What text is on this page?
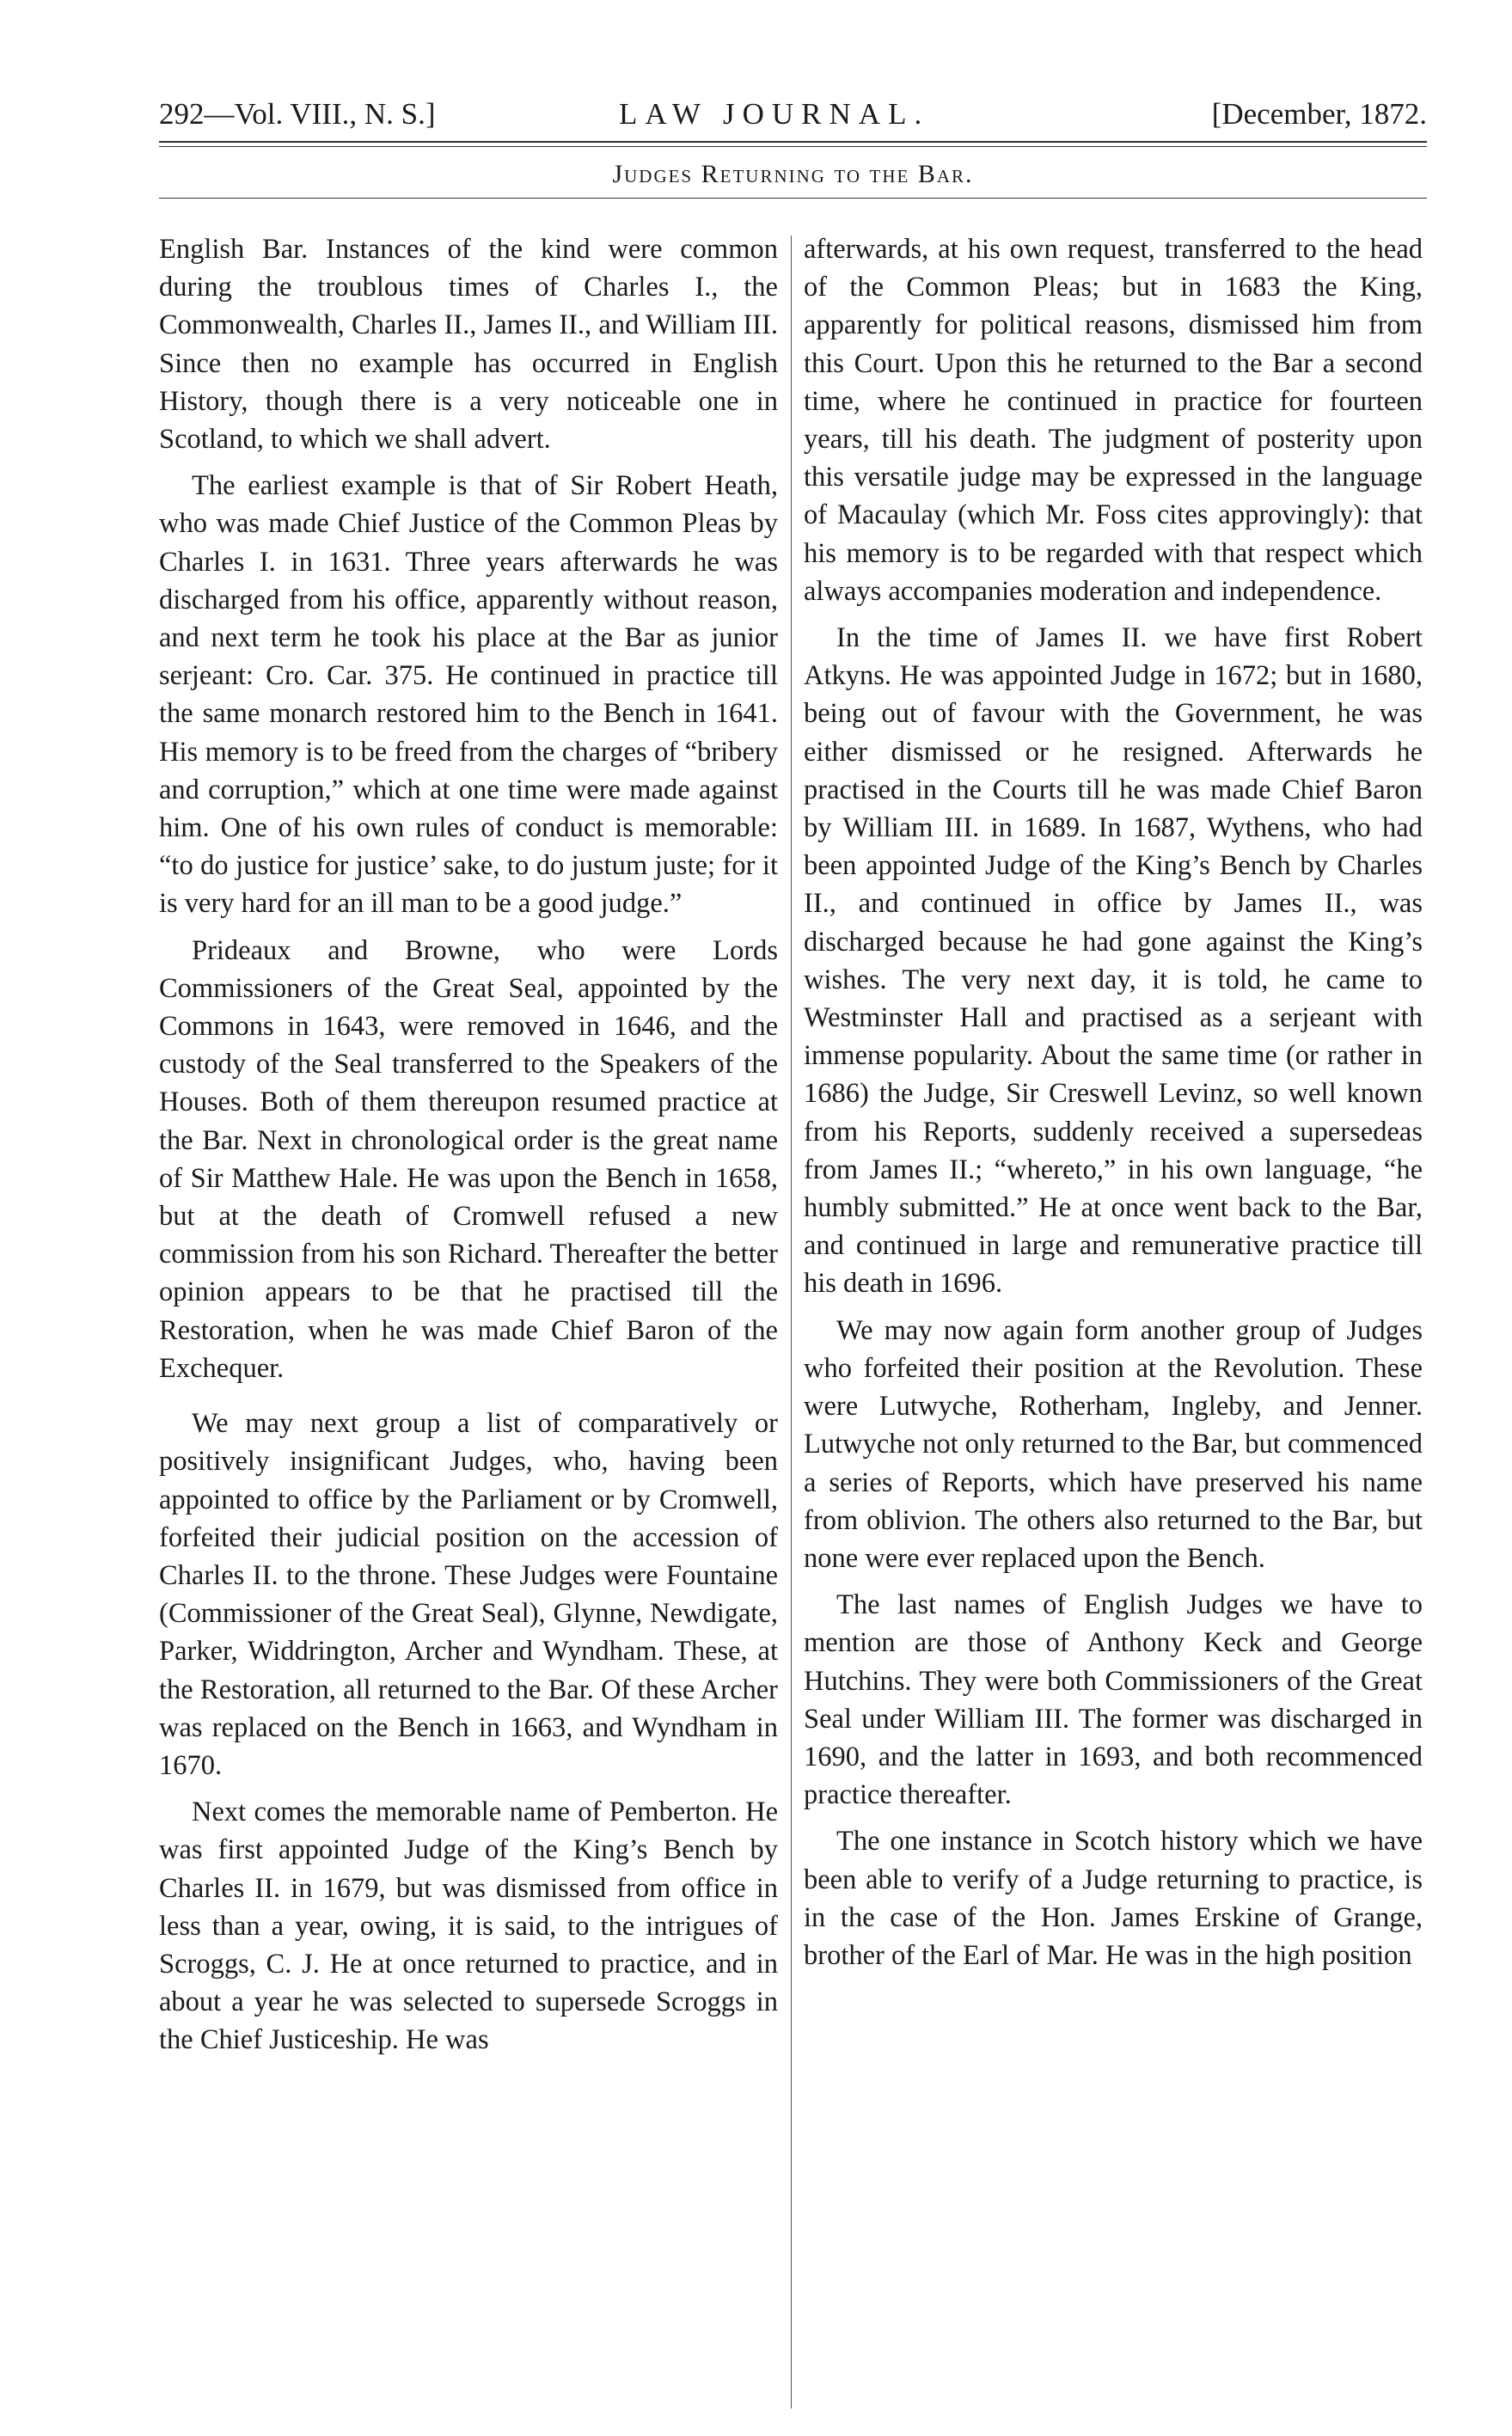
292—Vol. VIII., N. S.]	LAW JOURNAL.	[December, 1872.
Judges Returning to the Bar.

English Bar. Instances of the kind were common during the troublous times of Charles I., the Commonwealth, Charles II., James II., and William III. Since then no example has occurred in English History, though there is a very noticeable one in Scotland, to which we shall advert.

The earliest example is that of Sir Robert Heath, who was made Chief Justice of the Common Pleas by Charles I. in 1631. Three years afterwards he was discharged from his office, apparently without reason, and next term he took his place at the Bar as junior serjeant: Cro. Car. 375. He continued in practice till the same monarch restored him to the Bench in 1641. His memory is to be freed from the charges of “bribery and corruption,” which at one time were made against him. One of his own rules of conduct is memorable: “to do justice for justice’ sake, to do justum juste; for it is very hard for an ill man to be a good judge.”

Prideaux and Browne, who were Lords Commissioners of the Great Seal, appointed by the Commons in 1643, were removed in 1646, and the custody of the Seal transferred to the Speakers of the Houses. Both of them thereupon resumed practice at the Bar. Next in chronological order is the great name of Sir Matthew Hale. He was upon the Bench in 1658, but at the death of Cromwell refused a new commission from his son Richard. Thereafter the better opinion appears to be that he practised till the Restoration, when he was made Chief Baron of the Exchequer.

We may next group a list of comparatively or positively insignificant Judges, who, having been appointed to office by the Parliament or by Cromwell, forfeited their judicial position on the accession of Charles II. to the throne. These Judges were Fountaine (Commissioner of the Great Seal), Glynne, Newdigate, Parker, Widdrington, Archer and Wyndham. These, at the Restoration, all returned to the Bar. Of these Archer was replaced on the Bench in 1663, and Wyndham in 1670.

Next comes the memorable name of Pemberton. He was first appointed Judge of the King’s Bench by Charles II. in 1679, but was dismissed from office in less than a year, owing, it is said, to the intrigues of Scroggs, C. J. He at once returned to practice, and in about a year he was selected to supersede Scroggs in the Chief Justiceship. He was

afterwards, at his own request, transferred to the head of the Common Pleas; but in 1683 the King, apparently for political reasons, dismissed him from this Court. Upon this he returned to the Bar a second time, where he continued in practice for fourteen years, till his death. The judgment of posterity upon this versatile judge may be expressed in the language of Macaulay (which Mr. Foss cites approvingly): that his memory is to be regarded with that respect which always accompanies moderation and independence.

In the time of James II. we have first Robert Atkyns. He was appointed Judge in 1672; but in 1680, being out of favour with the Government, he was either dismissed or he resigned. Afterwards he practised in the Courts till he was made Chief Baron by William III. in 1689. In 1687, Wythens, who had been appointed Judge of the King’s Bench by Charles II., and continued in office by James II., was discharged because he had gone against the King’s wishes. The very next day, it is told, he came to Westminster Hall and practised as a serjeant with immense popularity. About the same time (or rather in 1686) the Judge, Sir Creswell Levinz, so well known from his Reports, suddenly received a supersedeas from James II.; “whereto,” in his own language, “he humbly submitted.” He at once went back to the Bar, and continued in large and remunerative practice till his death in 1696.

We may now again form another group of Judges who forfeited their position at the Revolution. These were Lutwyche, Rotherham, Ingleby, and Jenner. Lutwyche not only returned to the Bar, but commenced a series of Reports, which have preserved his name from oblivion. The others also returned to the Bar, but none were ever replaced upon the Bench.

The last names of English Judges we have to mention are those of Anthony Keck and George Hutchins. They were both Commissioners of the Great Seal under William III. The former was discharged in 1690, and the latter in 1693, and both recommenced practice thereafter.

The one instance in Scotch history which we have been able to verify of a Judge returning to practice, is in the case of the Hon. James Erskine of Grange, brother of the Earl of Mar. He was in the high position
